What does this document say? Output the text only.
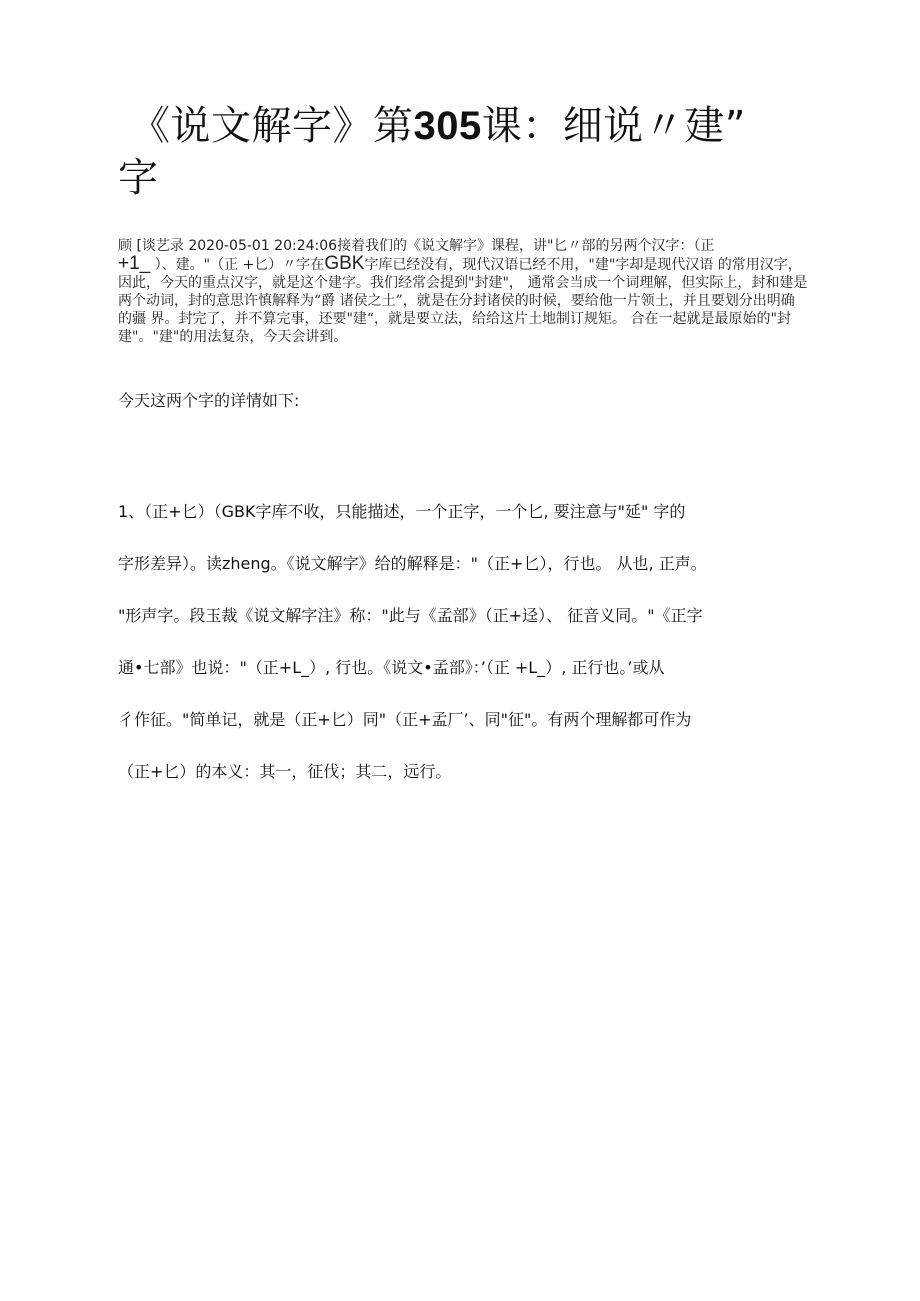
《说文解字》第305课：细说〃建”
字
顾 [谈艺录 2020-05-01 20:24:06接着我们的《说文解字》课程，讲"匕〃部的另两个汉字：（正
+1_ ）、建。"（正 +匕）〃字在GBK字库已经没有，现代汉语已经不用，"建"字却是现代汉语 的常用汉字，因此，今天的重点汉字，就是这个建字。我们经常会提到"封建"， 通常会当成一个词理解，但实际上，封和建是两个动词，封的意思许慎解释为“爵 诸侯之土”，就是在分封诸侯的时候，要给他一片领土，并且要划分出明确的疆 界。封完了，并不算完事，还要"建“，就是要立法，给给这片土地制订规矩。 合在一起就是最原始的"封建"。"建"的用法复杂，今天会讲到。
今天这两个字的详情如下:
1、（正+匕）（GBK字库不收，只能描述，一个正字，一个匕, 要注意与"延" 字的
字形差异）。读zheng。《说文解字》给的解释是："（正+匕），行也。 从也, 正声。
"形声字。段玉裁《说文解字注》称："此与《孟部》（正+迳）、 征音义同。"《正字
通•七部》也说："（正+L_）, 行也。《说文•孟部》：’（正 +L_）, 正行也。’或从
彳作征。"简单记，就是（正+匕）同"（正+孟厂’、同"征"。有两个理解都可作为
（正+匕）的本义：其一，征伐；其二，远行。
